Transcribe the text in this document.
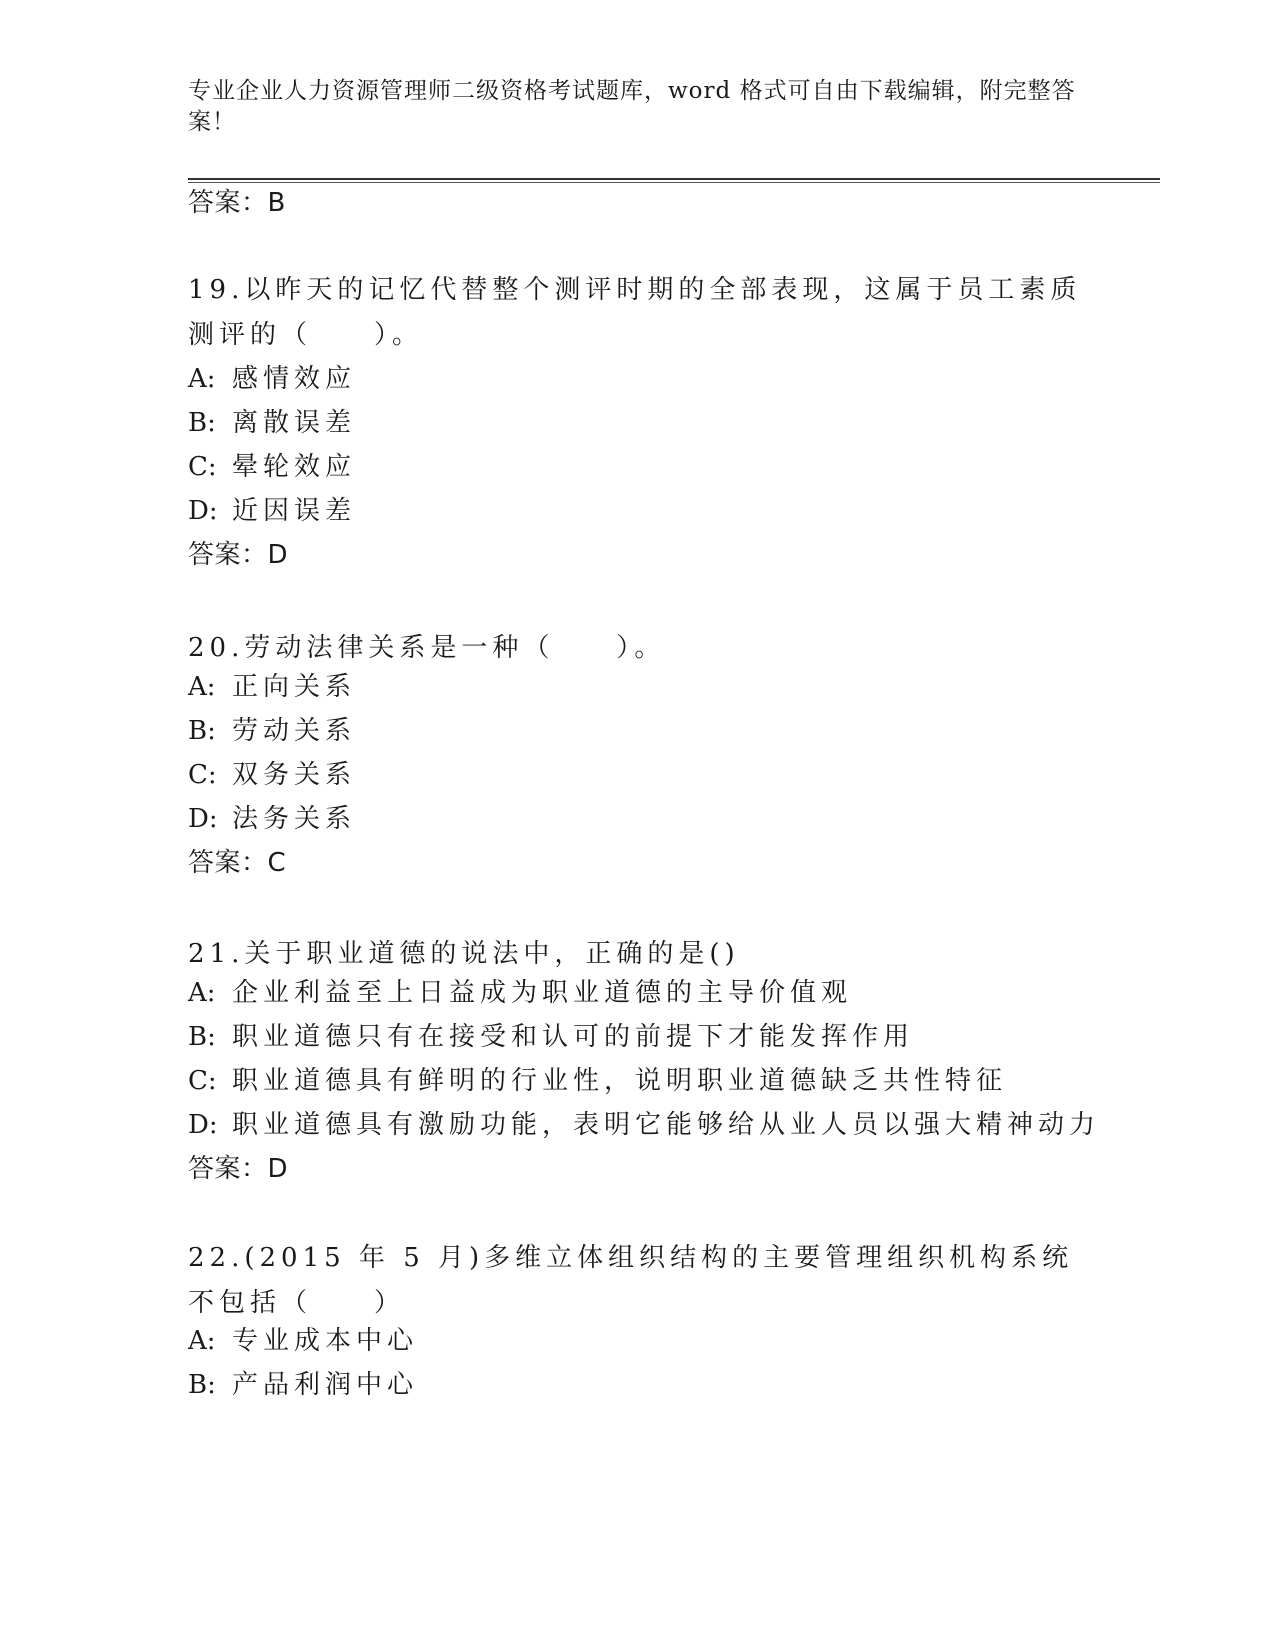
专业企业人力资源管理师二级资格考试题库，word 格式可自由下载编辑，附完整答案！
答案：B
19.以昨天的记忆代替整个测评时期的全部表现，这属于员工素质测评的（　　）。
A: 感情效应
B: 离散误差
C: 晕轮效应
D: 近因误差
答案：D
20.劳动法律关系是一种（　　）。
A: 正向关系
B: 劳动关系
C: 双务关系
D: 法务关系
答案：C
21.关于职业道德的说法中，正确的是()
A: 企业利益至上日益成为职业道德的主导价值观
B: 职业道德只有在接受和认可的前提下才能发挥作用
C: 职业道德具有鲜明的行业性，说明职业道德缺乏共性特征
D: 职业道德具有激励功能，表明它能够给从业人员以强大精神动力
答案：D
22.(2015 年 5 月)多维立体组织结构的主要管理组织机构系统不包括（　　）
A: 专业成本中心
B: 产品利润中心
